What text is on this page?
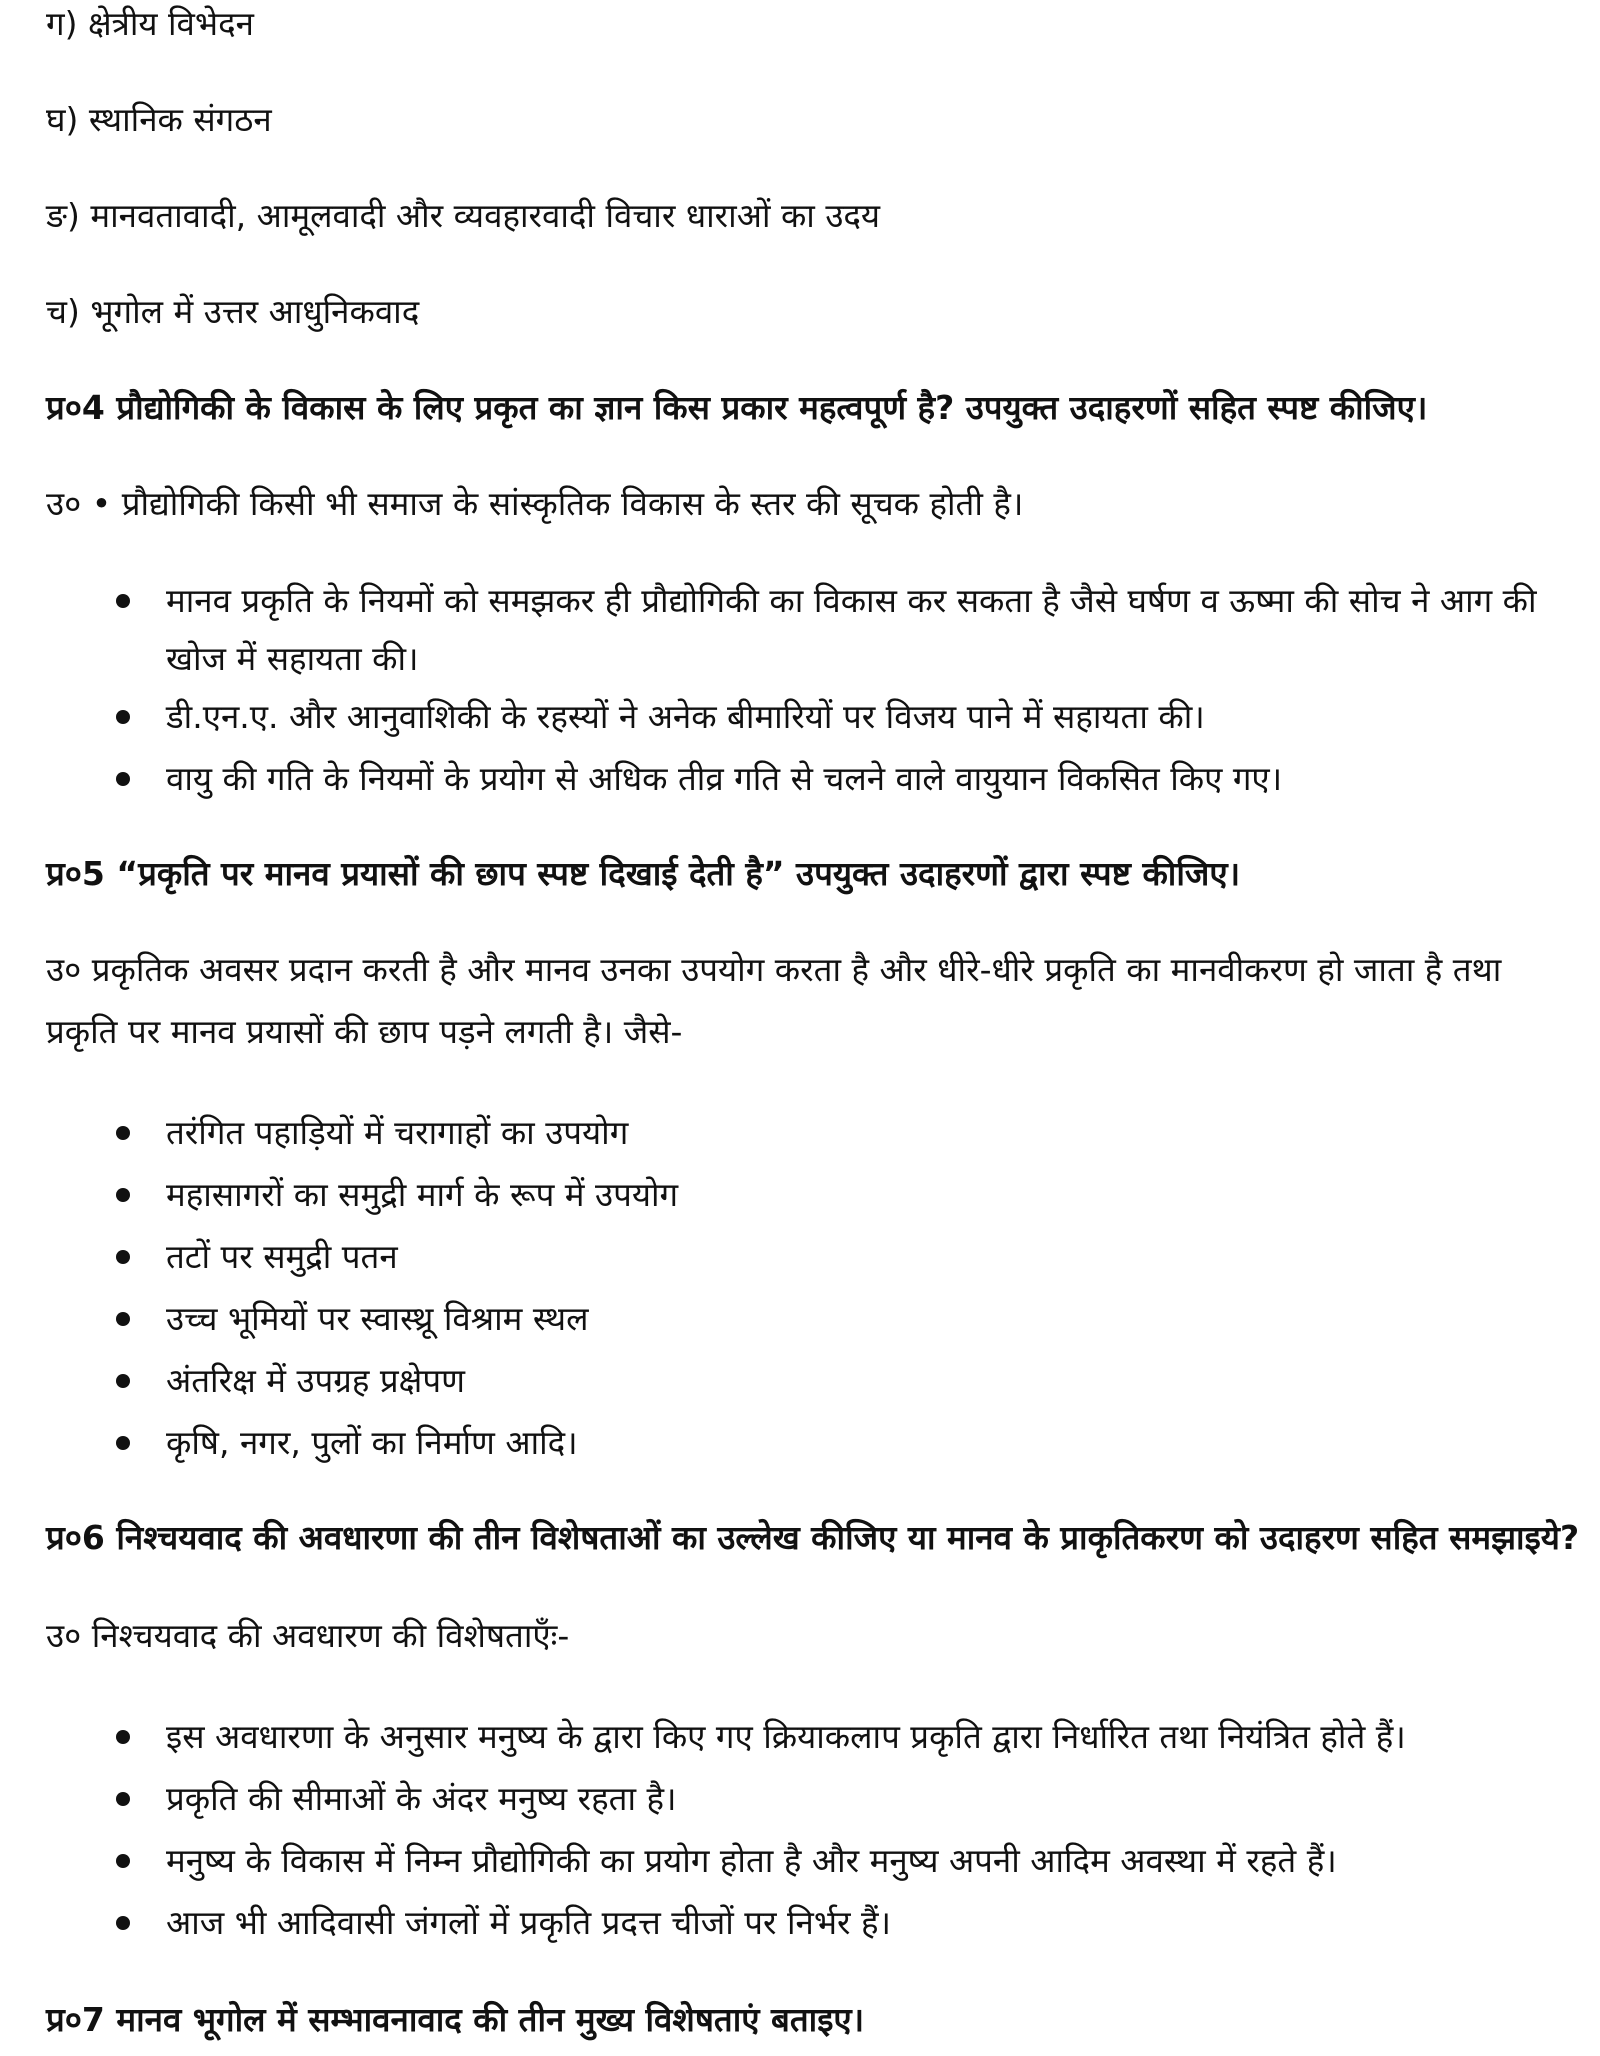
ग) क्षेत्रीय विभेदन
घ) स्थानिक संगठन
ङ) मानवतावादी, आमूलवादी और व्यवहारवादी विचार धाराओं का उदय
च) भूगोल में उत्तर आधुनिकवाद
प्र०4 प्रौद्योगिकी के विकास के लिए प्रकृत का ज्ञान किस प्रकार महत्वपूर्ण है? उपयुक्त उदाहरणों सहित स्पष्ट कीजिए।
उ० • प्रौद्योगिकी किसी भी समाज के सांस्कृतिक विकास के स्तर की सूचक होती है।
मानव प्रकृति के नियमों को समझकर ही प्रौद्योगिकी का विकास कर सकता है जैसे घर्षण व ऊष्मा की सोच ने आग की खोज में सहायता की।
डी.एन.ए. और आनुवाशिकी के रहस्यों ने अनेक बीमारियों पर विजय पाने में सहायता की।
वायु की गति के नियमों के प्रयोग से अधिक तीव्र गति से चलने वाले वायुयान विकसित किए गए।
प्र०5 “प्रकृति पर मानव प्रयासों की छाप स्पष्ट दिखाई देती है” उपयुक्त उदाहरणों द्वारा स्पष्ट कीजिए।
उ० प्रकृतिक अवसर प्रदान करती है और मानव उनका उपयोग करता है और धीरे-धीरे प्रकृति का मानवीकरण हो जाता है तथा
प्रकृति पर मानव प्रयासों की छाप पड़ने लगती है। जैसे-
तरंगित पहाड़ियों में चरागाहों का उपयोग
महासागरों का समुद्री मार्ग के रूप में उपयोग
तटों पर समुद्री पतन
उच्च भूमियों पर स्वास्थ्रू विश्राम स्थल
अंतरिक्ष में उपग्रह प्रक्षेपण
कृषि, नगर, पुलों का निर्माण आदि।
प्र०6 निश्चयवाद की अवधारणा की तीन विशेषताओं का उल्लेख कीजिए या मानव के प्राकृतिकरण को उदाहरण सहित समझाइये?
उ० निश्चयवाद की अवधारण की विशेषताएँः-
इस अवधारणा के अनुसार मनुष्य के द्वारा किए गए क्रियाकलाप प्रकृति द्वारा निर्धारित तथा नियंत्रित होते हैं।
प्रकृति की सीमाओं के अंदर मनुष्य रहता है।
मनुष्य के विकास में निम्न प्रौद्योगिकी का प्रयोग होता है और मनुष्य अपनी आदिम अवस्था में रहते हैं।
आज भी आदिवासी जंगलों में प्रकृति प्रदत्त चीजों पर निर्भर हैं।
प्र०7 मानव भूगोल में सम्भावनावाद की तीन मुख्य विशेषताएं बताइए।
